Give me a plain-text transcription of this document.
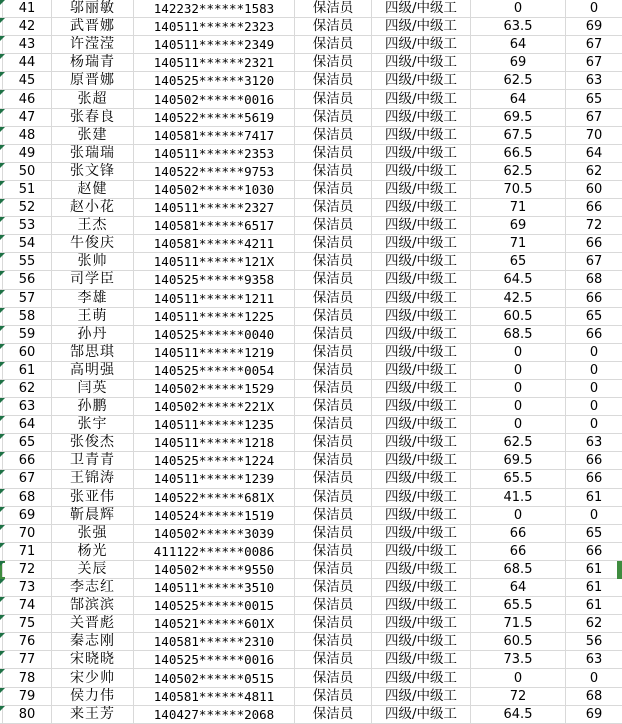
41	邬丽敏	142232******1583	保洁员	四级/中级工	0	0
42	武晋娜	140511******2323	保洁员	四级/中级工	63.5	69
43	许滢滢	140511******2349	保洁员	四级/中级工	64	67
44	杨瑞青	140511******2321	保洁员	四级/中级工	69	67
45	原晋娜	140525******3120	保洁员	四级/中级工	62.5	63
46	张超	140502******0016	保洁员	四级/中级工	64	65
47	张春良	140522******5619	保洁员	四级/中级工	69.5	67
48	张建	140581******7417	保洁员	四级/中级工	67.5	70
49	张瑞瑞	140511******2353	保洁员	四级/中级工	66.5	64
50	张文锋	140522******9753	保洁员	四级/中级工	62.5	62
51	赵健	140502******1030	保洁员	四级/中级工	70.5	60
52	赵小花	140511******2327	保洁员	四级/中级工	71	66
53	王杰	140581******6517	保洁员	四级/中级工	69	72
54	牛俊庆	140581******4211	保洁员	四级/中级工	71	66
55	张帅	140511******121X	保洁员	四级/中级工	65	67
56	司学臣	140525******9358	保洁员	四级/中级工	64.5	68
57	李雄	140511******1211	保洁员	四级/中级工	42.5	66
58	王萌	140511******1225	保洁员	四级/中级工	60.5	65
59	孙丹	140525******0040	保洁员	四级/中级工	68.5	66
60	郜思琪	140511******1219	保洁员	四级/中级工	0	0
61	高明强	140525******0054	保洁员	四级/中级工	0	0
62	闫英	140502******1529	保洁员	四级/中级工	0	0
63	孙鹏	140502******221X	保洁员	四级/中级工	0	0
64	张宇	140511******1235	保洁员	四级/中级工	0	0
65	张俊杰	140511******1218	保洁员	四级/中级工	62.5	63
66	卫青青	140525******1224	保洁员	四级/中级工	69.5	66
67	王锦涛	140511******1239	保洁员	四级/中级工	65.5	66
68	张亚伟	140522******681X	保洁员	四级/中级工	41.5	61
69	靳晨辉	140524******1519	保洁员	四级/中级工	0	0
70	张强	140502******3039	保洁员	四级/中级工	66	65
71	杨光	411122******0086	保洁员	四级/中级工	66	66
72	关辰	140502******9550	保洁员	四级/中级工	68.5	61
73	李志红	140511******3510	保洁员	四级/中级工	64	61
74	郜滨滨	140525******0015	保洁员	四级/中级工	65.5	61
75	关晋彪	140521******601X	保洁员	四级/中级工	71.5	62
76	秦志刚	140581******2310	保洁员	四级/中级工	60.5	56
77	宋晓晓	140525******0016	保洁员	四级/中级工	73.5	63
78	宋少帅	140502******0515	保洁员	四级/中级工	0	0
79	侯力伟	140581******4811	保洁员	四级/中级工	72	68
80	来王芳	140427******2068	保洁员	四级/中级工	64.5	69
